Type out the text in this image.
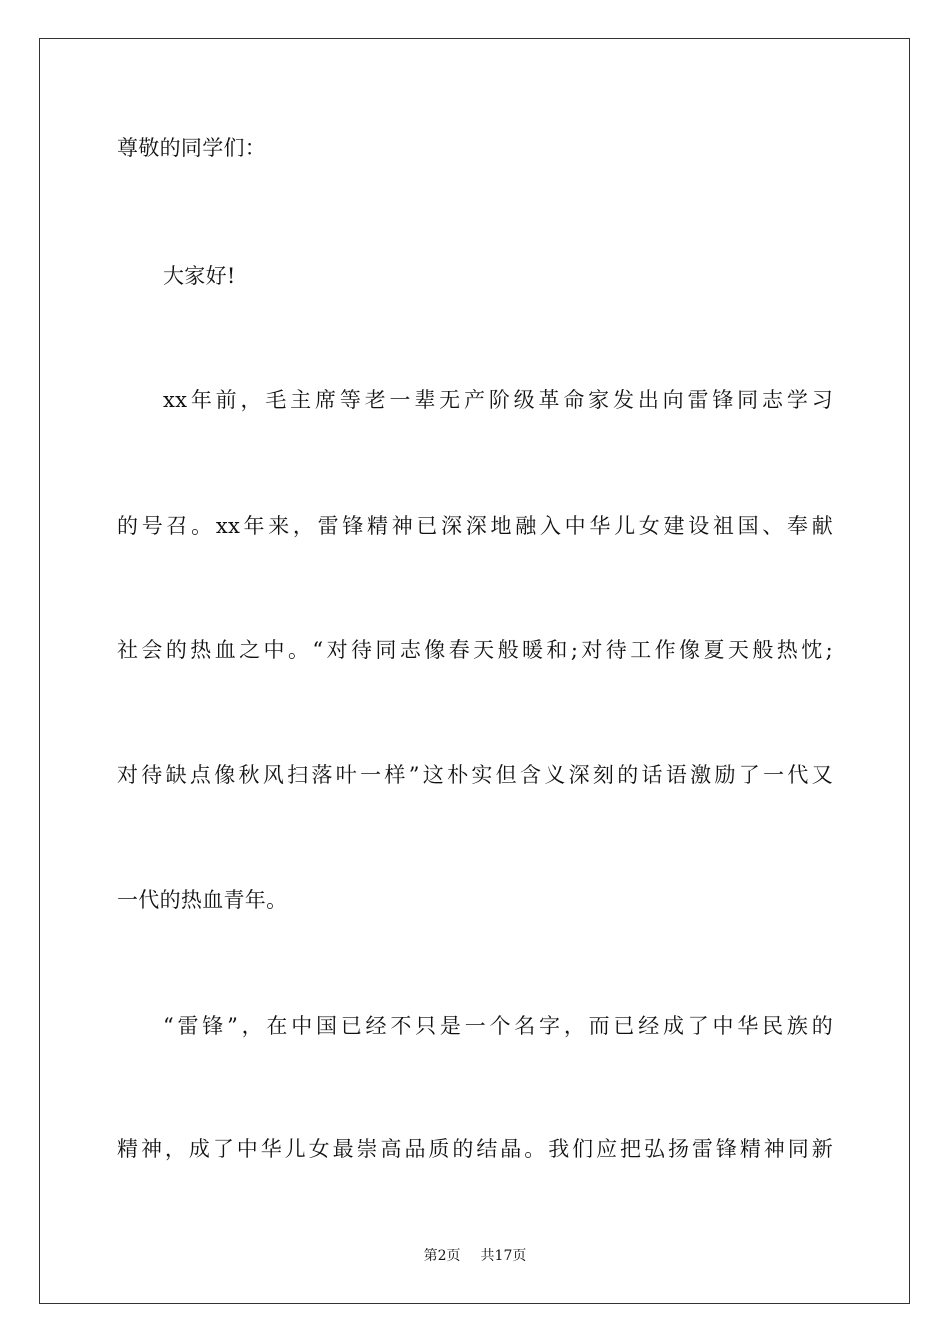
尊敬的同学们：
大家好!
xx年前，毛主席等老一辈无产阶级革命家发出向雷锋同志学习
的号召。xx年来，雷锋精神已深深地融入中华儿女建设祖国、奉献
社会的热血之中。“对待同志像春天般暖和;对待工作像夏天般热忱;
对待缺点像秋风扫落叶一样”这朴实但含义深刻的话语激励了一代又
一代的热血青年。
“雷锋”，在中国已经不只是一个名字，而已经成了中华民族的
精神，成了中华儿女最崇高品质的结晶。我们应把弘扬雷锋精神同新
第2页 共17页
